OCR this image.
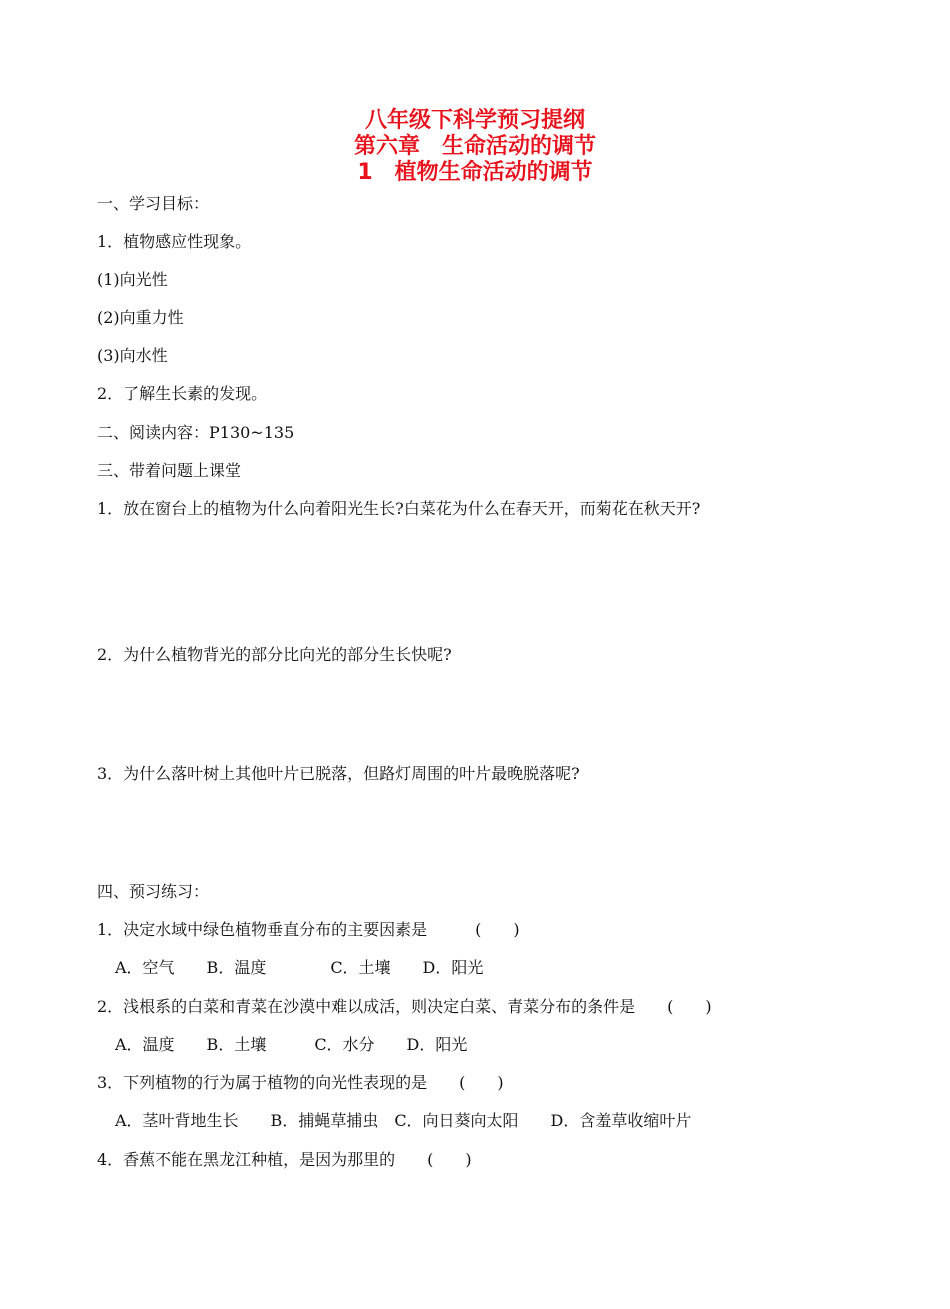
八年级下科学预习提纲
第六章　生命活动的调节
1　植物生命活动的调节
一、学习目标：
1．植物感应性现象。
(1)向光性
(2)向重力性
(3)向水性
2．了解生长素的发现。
二、阅读内容：P130~135
三、带着问题上课堂
1．放在窗台上的植物为什么向着阳光生长?白菜花为什么在春天开，而菊花在秋天开?
2．为什么植物背光的部分比向光的部分生长快呢?
3．为什么落叶树上其他叶片已脱落，但路灯周围的叶片最晚脱落呢?
四、预习练习：
1．决定水域中绿色植物垂直分布的主要因素是　　　(　　)
A．空气　　B．温度　　　　C．土壤　　D．阳光
2．浅根系的白菜和青菜在沙漠中难以成活，则决定白菜、青菜分布的条件是　　(　　)
A．温度　　B．土壤　　　C．水分　　D．阳光
3．下列植物的行为属于植物的向光性表现的是　　(　　)
A．茎叶背地生长　　B．捕蝇草捕虫　C．向日葵向太阳　　D．含羞草收缩叶片
4．香蕉不能在黑龙江种植，是因为那里的　　(　　)
